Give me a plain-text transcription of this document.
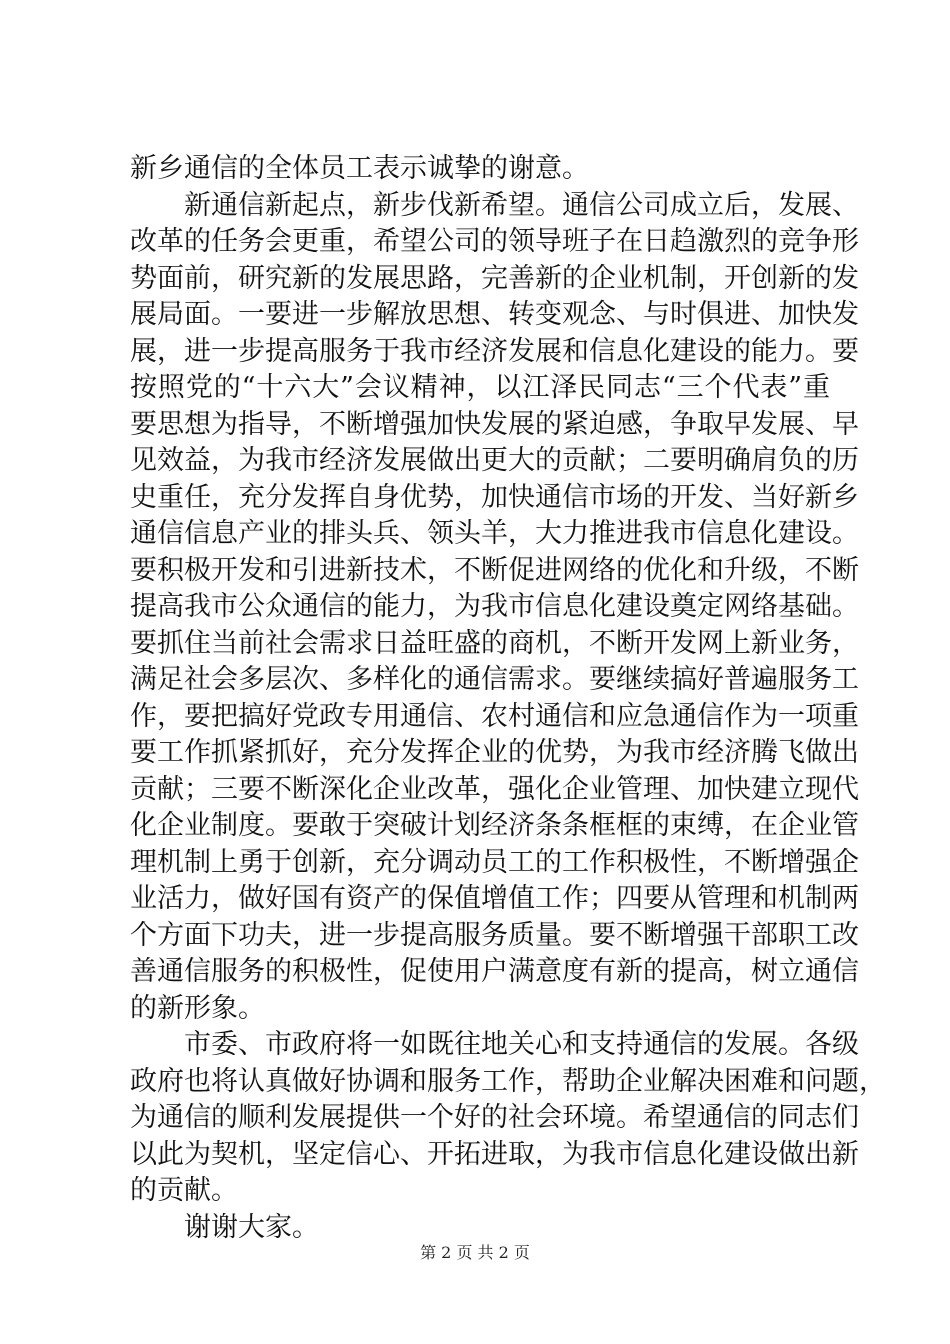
新乡通信的全体员工表示诚挚的谢意。
　　新通信新起点，新步伐新希望。通信公司成立后，发展、
改革的任务会更重，希望公司的领导班子在日趋激烈的竞争形
势面前，研究新的发展思路，完善新的企业机制，开创新的发
展局面。一要进一步解放思想、转变观念、与时俱进、加快发
展，进一步提高服务于我市经济发展和信息化建设的能力。要
按照党的“十六大”会议精神，以江泽民同志“三个代表”重
要思想为指导，不断增强加快发展的紧迫感，争取早发展、早
见效益，为我市经济发展做出更大的贡献；二要明确肩负的历
史重任，充分发挥自身优势，加快通信市场的开发、当好新乡
通信信息产业的排头兵、领头羊，大力推进我市信息化建设。
要积极开发和引进新技术，不断促进网络的优化和升级，不断
提高我市公众通信的能力，为我市信息化建设奠定网络基础。
要抓住当前社会需求日益旺盛的商机，不断开发网上新业务，
满足社会多层次、多样化的通信需求。要继续搞好普遍服务工
作，要把搞好党政专用通信、农村通信和应急通信作为一项重
要工作抓紧抓好，充分发挥企业的优势，为我市经济腾飞做出
贡献；三要不断深化企业改革，强化企业管理、加快建立现代
化企业制度。要敢于突破计划经济条条框框的束缚，在企业管
理机制上勇于创新，充分调动员工的工作积极性，不断增强企
业活力，做好国有资产的保值增值工作；四要从管理和机制两
个方面下功夫，进一步提高服务质量。要不断增强干部职工改
善通信服务的积极性，促使用户满意度有新的提高，树立通信
的新形象。
　　市委、市政府将一如既往地关心和支持通信的发展。各级
政府也将认真做好协调和服务工作，帮助企业解决困难和问题，
为通信的顺利发展提供一个好的社会环境。希望通信的同志们
以此为契机，坚定信心、开拓进取，为我市信息化建设做出新
的贡献。
　　谢谢大家。
第 2 页 共 2 页
